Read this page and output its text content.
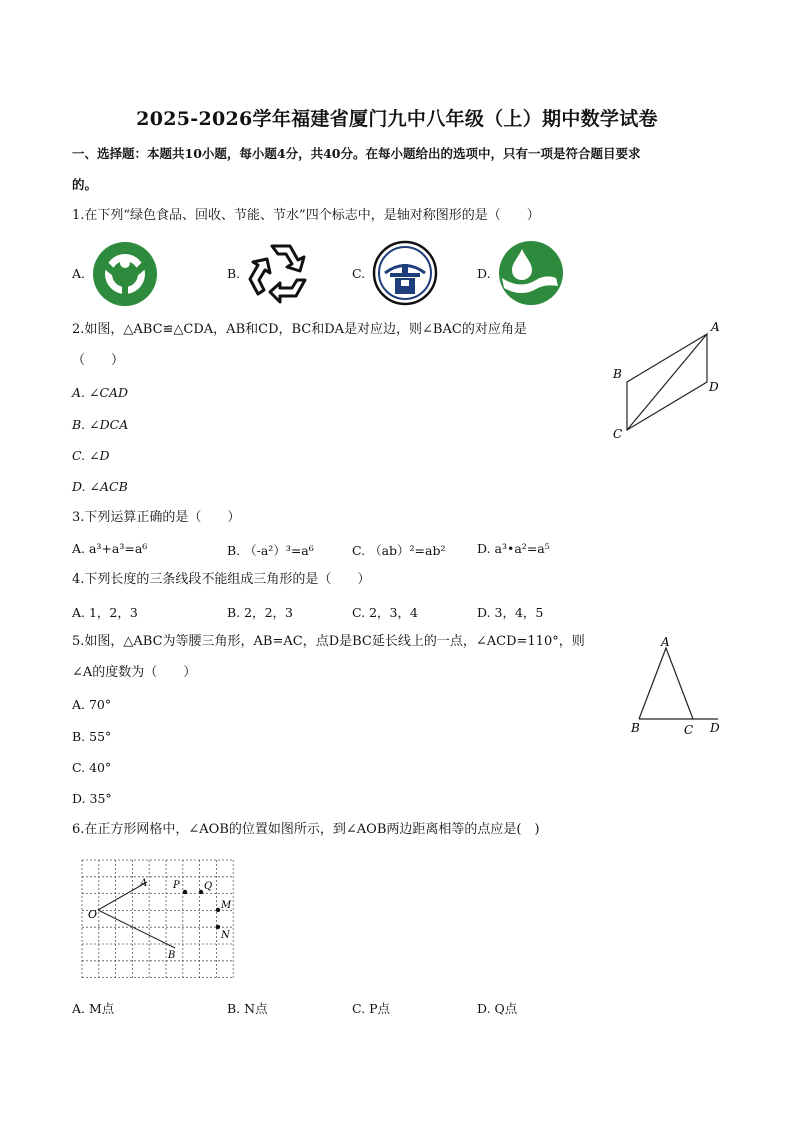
2025-2026学年福建省厦门九中八年级（上）期中数学试卷
一、选择题：本题共10小题，每小题4分，共40分。在每小题给出的选项中，只有一项是符合题目要求
的。
1.在下列“绿色食品、回收、节能、节水”四个标志中，是轴对称图形的是（　　）
A.	B.	C.	D.
2.如图，△ABC≌△CDA，AB和CD，BC和DA是对应边，则∠BAC的对应角是
（　　）
A. ∠CAD
B. ∠DCA
C. ∠D
D. ∠ACB
A
B
C
D
3.下列运算正确的是（　　）
A. a³+a³=a⁶	B. （-a²）³=a⁶	C. （ab）²=ab²	D. a³•a²=a⁵
4.下列长度的三条线段不能组成三角形的是（　　）
A. 1，2，3	B. 2，2，3	C. 2，3，4	D. 3，4，5
5.如图，△ABC为等腰三角形，AB=AC，点D是BC延长线上的一点，∠ACD=110°，则
∠A的度数为（　　）
A. 70°
B. 55°
C. 40°
D. 35°
A
B	C D
6.在正方形网格中，∠AOB的位置如图所示，到∠AOB两边距离相等的点应是(　)
A
O
B
P Q
M
N
A. M点	B. N点	C. P点	D. Q点
